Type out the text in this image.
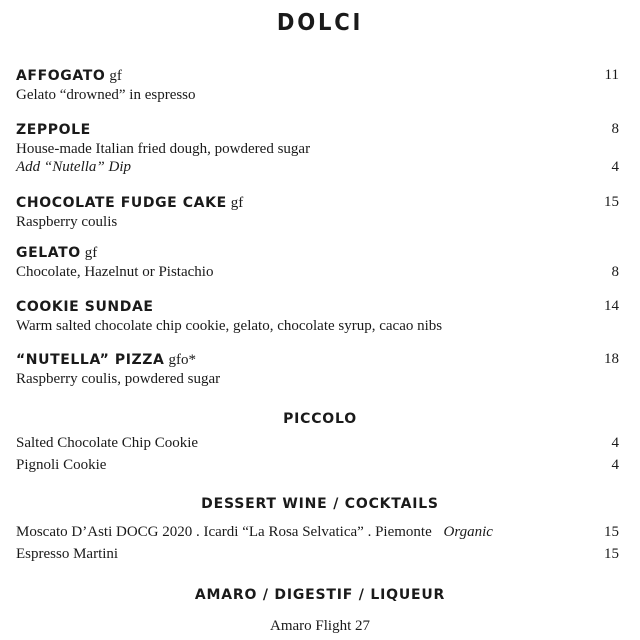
DOLCI
AFFOGATO gf	11
Gelato “drowned” in espresso
ZEPPOLE	8
House-made Italian fried dough, powdered sugar
Add “Nutella” Dip	4
CHOCOLATE FUDGE CAKE gf	15
Raspberry coulis
GELATO gf
Chocolate, Hazelnut or Pistachio	8
COOKIE SUNDAE	14
Warm salted chocolate chip cookie, gelato, chocolate syrup, cacao nibs
“NUTELLA” PIZZA gfo*	18
Raspberry coulis, powdered sugar
PICCOLO
Salted Chocolate Chip Cookie	4
Pignoli Cookie	4
DESSERT WINE / COCKTAILS
Moscato D’Asti DOCG 2020 . Icardi “La Rosa Selvatica” . Piemonte Organic	15
Espresso Martini	15
AMARO / DIGESTIF / LIQUEUR
Amaro Flight 27
